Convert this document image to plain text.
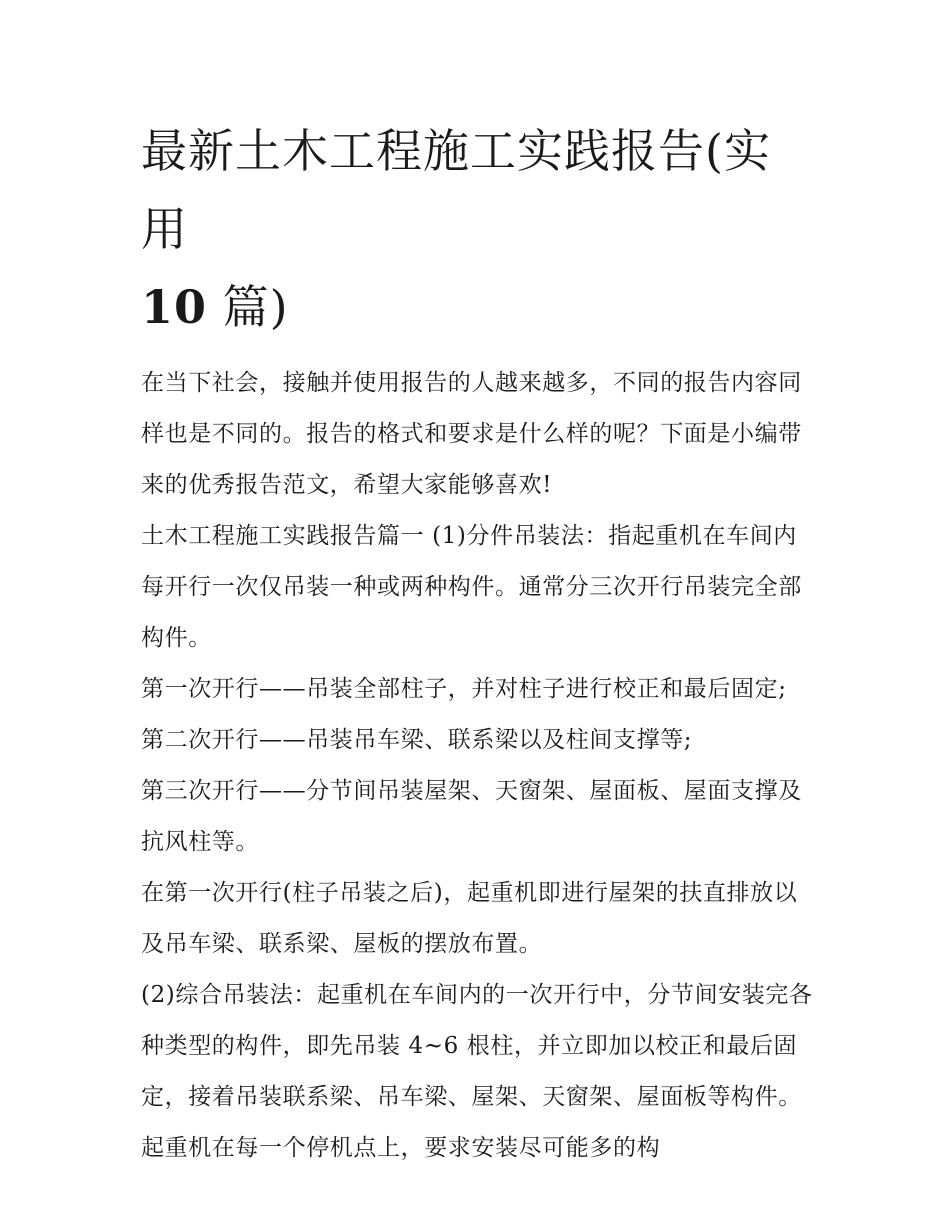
最新土木工程施工实践报告(实用
10 篇)

在当下社会，接触并使用报告的人越来越多，不同的报告内容同样也是不同的。报告的格式和要求是什么样的呢？下面是小编带来的优秀报告范文，希望大家能够喜欢!

土木工程施工实践报告篇一 (1)分件吊装法：指起重机在车间内每开行一次仅吊装一种或两种构件。通常分三次开行吊装完全部构件。

第一次开行——吊装全部柱子，并对柱子进行校正和最后固定; 第二次开行——吊装吊车梁、联系梁以及柱间支撑等;

第三次开行——分节间吊装屋架、天窗架、屋面板、屋面支撑及抗风柱等。

在第一次开行(柱子吊装之后)，起重机即进行屋架的扶直排放以及吊车梁、联系梁、屋板的摆放布置。

(2)综合吊装法：起重机在车间内的一次开行中，分节间安装完各种类型的构件，即先吊装 4~6 根柱，并立即加以校正和最后固定，接着吊装联系梁、吊车梁、屋架、天窗架、屋面板等构件。起重机在每一个停机点上，要求安装尽可能多的构
